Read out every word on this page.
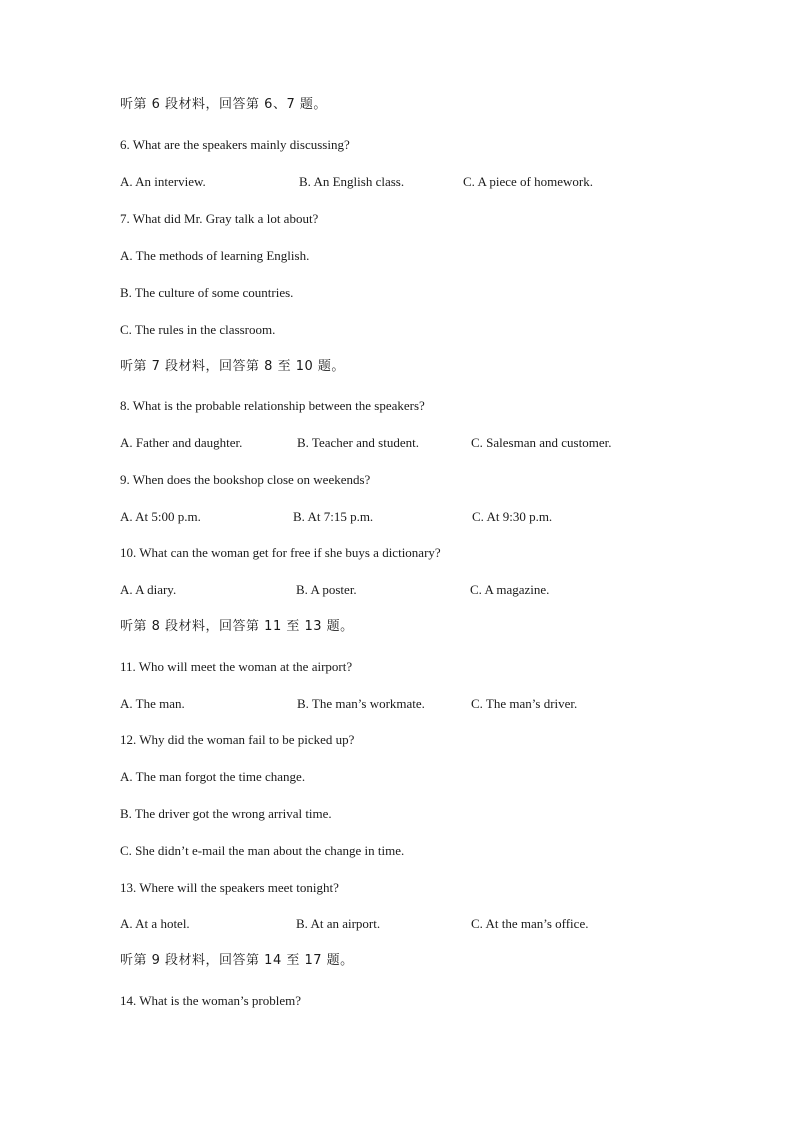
听第 6 段材料，回答第 6、7 题。
6. What are the speakers mainly discussing?
A. An interview.	B. An English class.	C. A piece of homework.
7. What did Mr. Gray talk a lot about?
A. The methods of learning English.
B. The culture of some countries.
C. The rules in the classroom.
听第 7 段材料，回答第 8 至 10 题。
8. What is the probable relationship between the speakers?
A. Father and daughter.	B. Teacher and student.	C. Salesman and customer.
9. When does the bookshop close on weekends?
A. At 5:00 p.m.	B. At 7:15 p.m.	C. At 9:30 p.m.
10. What can the woman get for free if she buys a dictionary?
A. A diary.	B. A poster.	C. A magazine.
听第 8 段材料，回答第 11 至 13 题。
11. Who will meet the woman at the airport?
A. The man.	B. The man’s workmate.	C. The man’s driver.
12. Why did the woman fail to be picked up?
A. The man forgot the time change.
B. The driver got the wrong arrival time.
C. She didn’t e-mail the man about the change in time.
13. Where will the speakers meet tonight?
A. At a hotel.	B. At an airport.	C. At the man’s office.
听第 9 段材料，回答第 14 至 17 题。
14. What is the woman’s problem?
